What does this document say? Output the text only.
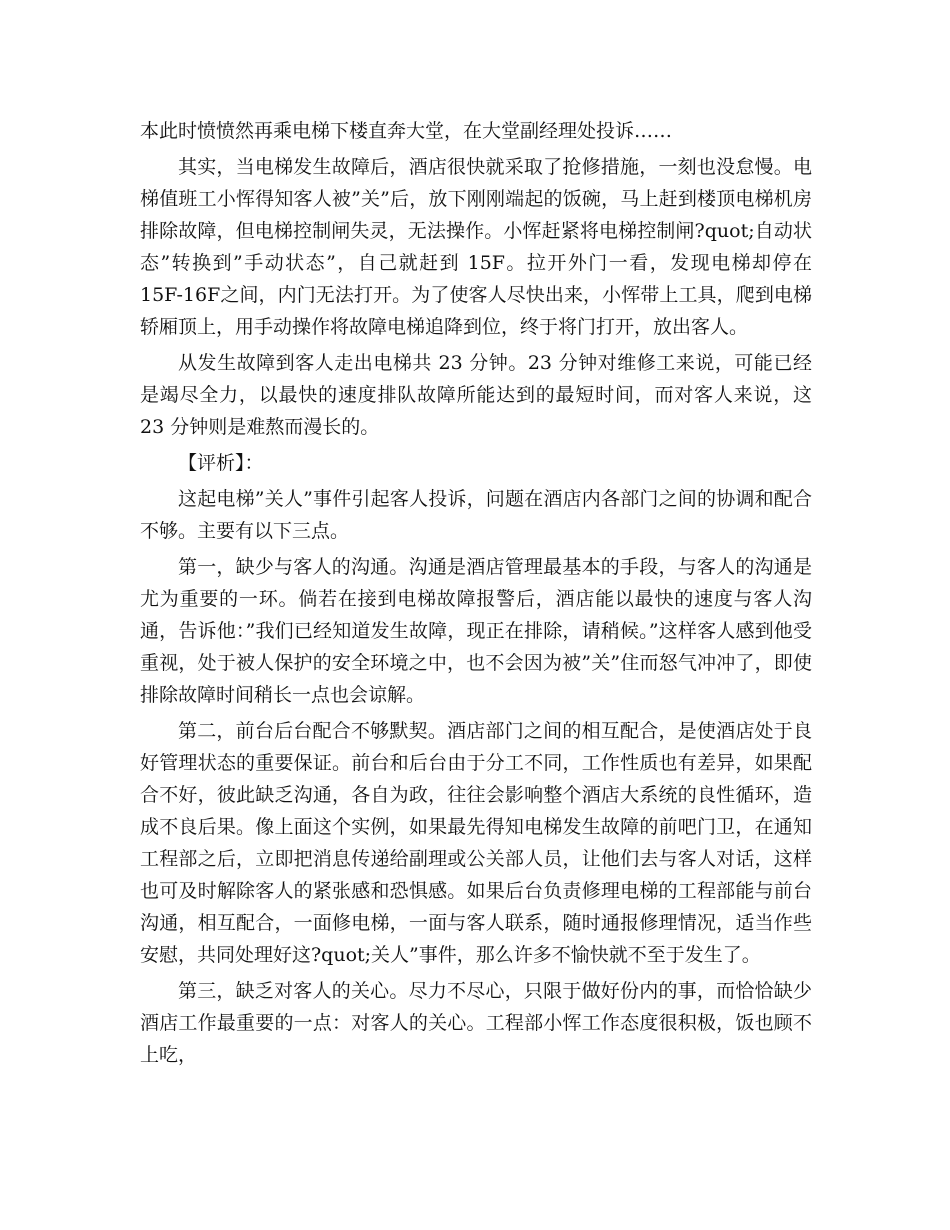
本此时愤愤然再乘电梯下楼直奔大堂，在大堂副经理处投诉……

其实，当电梯发生故障后，酒店很快就采取了抢修措施，一刻也没怠慢。电梯值班工小恽得知客人被”关”后，放下刚刚端起的饭碗，马上赶到楼顶电梯机房排除故障，但电梯控制闸失灵，无法操作。小恽赶紧将电梯控制闸?quot;自动状态”转换到”手动状态”，自己就赶到 15F。拉开外门一看，发现电梯却停在 15F-16F之间，内门无法打开。为了使客人尽快出来，小恽带上工具，爬到电梯轿厢顶上，用手动操作将故障电梯追降到位，终于将门打开，放出客人。

从发生故障到客人走出电梯共 23 分钟。23 分钟对维修工来说，可能已经是竭尽全力，以最快的速度排队故障所能达到的最短时间，而对客人来说，这 23 分钟则是难熬而漫长的。

【评析】：

这起电梯”关人”事件引起客人投诉，问题在酒店内各部门之间的协调和配合不够。主要有以下三点。

第一，缺少与客人的沟通。沟通是酒店管理最基本的手段，与客人的沟通是尤为重要的一环。倘若在接到电梯故障报警后，酒店能以最快的速度与客人沟通，告诉他：”我们已经知道发生故障，现正在排除，请稍候。”这样客人感到他受重视，处于被人保护的安全环境之中，也不会因为被”关”住而怒气冲冲了，即使排除故障时间稍长一点也会谅解。

第二，前台后台配合不够默契。酒店部门之间的相互配合，是使酒店处于良好管理状态的重要保证。前台和后台由于分工不同，工作性质也有差异，如果配合不好，彼此缺乏沟通，各自为政，往往会影响整个酒店大系统的良性循环，造成不良后果。像上面这个实例，如果最先得知电梯发生故障的前吧门卫，在通知工程部之后，立即把消息传递给副理或公关部人员，让他们去与客人对话，这样也可及时解除客人的紧张感和恐惧感。如果后台负责修理电梯的工程部能与前台沟通，相互配合，一面修电梯，一面与客人联系，随时通报修理情况，适当作些安慰，共同处理好这?quot;关人”事件，那么许多不愉快就不至于发生了。

第三，缺乏对客人的关心。尽力不尽心，只限于做好份内的事，而恰恰缺少酒店工作最重要的一点：对客人的关心。工程部小恽工作态度很积极，饭也顾不上吃，
